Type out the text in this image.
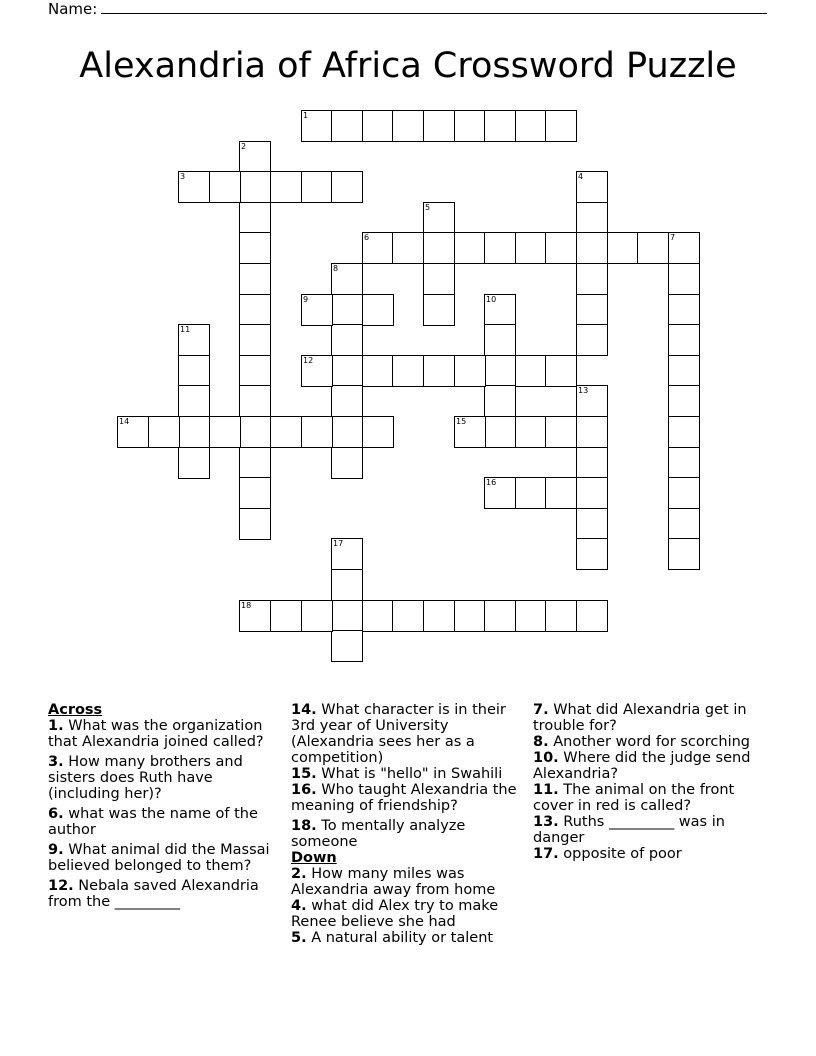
Name:
Alexandria of Africa Crossword Puzzle
1
2
3	4
5
6	7
8
9	10
11
12
13
14	15
16
17
18
Across
1. What was the organization that Alexandria joined called?
3. How many brothers and sisters does Ruth have (including her)?
6. what was the name of the author
9. What animal did the Massai believed belonged to them?
12. Nebala saved Alexandria from the _________
14. What character is in their 3rd year of University (Alexandria sees her as a competition)
15. What is "hello" in Swahili
16. Who taught Alexandria the meaning of friendship?
18. To mentally analyze someone
Down
2. How many miles was Alexandria away from home
4. what did Alex try to make Renee believe she had
5. A natural ability or talent
7. What did Alexandria get in trouble for?
8. Another word for scorching
10. Where did the judge send Alexandria?
11. The animal on the front cover in red is called?
13. Ruths _________ was in danger
17. opposite of poor
